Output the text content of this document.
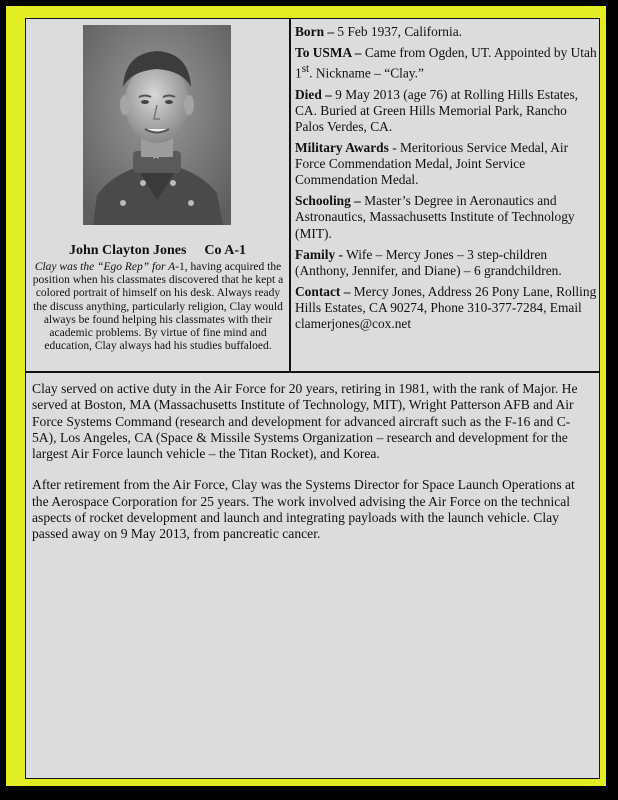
John Clayton Jones Co A-1
Clay was the “Ego Rep” for A-1, having acquired the position when his classmates discovered that he kept a colored portrait of himself on his desk. Always ready the discuss anything, particularly religion, Clay would always be found helping his classmates with their academic problems. By virtue of fine mind and education, Clay always had his studies buffaloed.

Born – 5 Feb 1937, California.

To USMA – Came from Ogden, UT. Appointed by Utah 1st. Nickname – “Clay.”

Died – 9 May 2013 (age 76) at Rolling Hills Estates, CA. Buried at Green Hills Memorial Park, Rancho Palos Verdes, CA.

Military Awards - Meritorious Service Medal, Air Force Commendation Medal, Joint Service Commendation Medal.

Schooling – Master’s Degree in Aeronautics and Astronautics, Massachusetts Institute of Technology (MIT).

Family - Wife – Mercy Jones – 3 step-children (Anthony, Jennifer, and Diane) – 6 grandchildren.

Contact – Mercy Jones, Address 26 Pony Lane, Rolling Hills Estates, CA 90274, Phone 310-377-7284, Email clamerjones@cox.net

Clay served on active duty in the Air Force for 20 years, retiring in 1981, with the rank of Major. He served at Boston, MA (Massachusetts Institute of Technology, MIT), Wright Patterson AFB and Air Force Systems Command (research and development for advanced aircraft such as the F-16 and C-5A), Los Angeles, CA (Space & Missile Systems Organization – research and development for the largest Air Force launch vehicle – the Titan Rocket), and Korea.

After retirement from the Air Force, Clay was the Systems Director for Space Launch Operations at the Aerospace Corporation for 25 years. The work involved advising the Air Force on the technical aspects of rocket development and launch and integrating payloads with the launch vehicle. Clay passed away on 9 May 2013, from pancreatic cancer.
